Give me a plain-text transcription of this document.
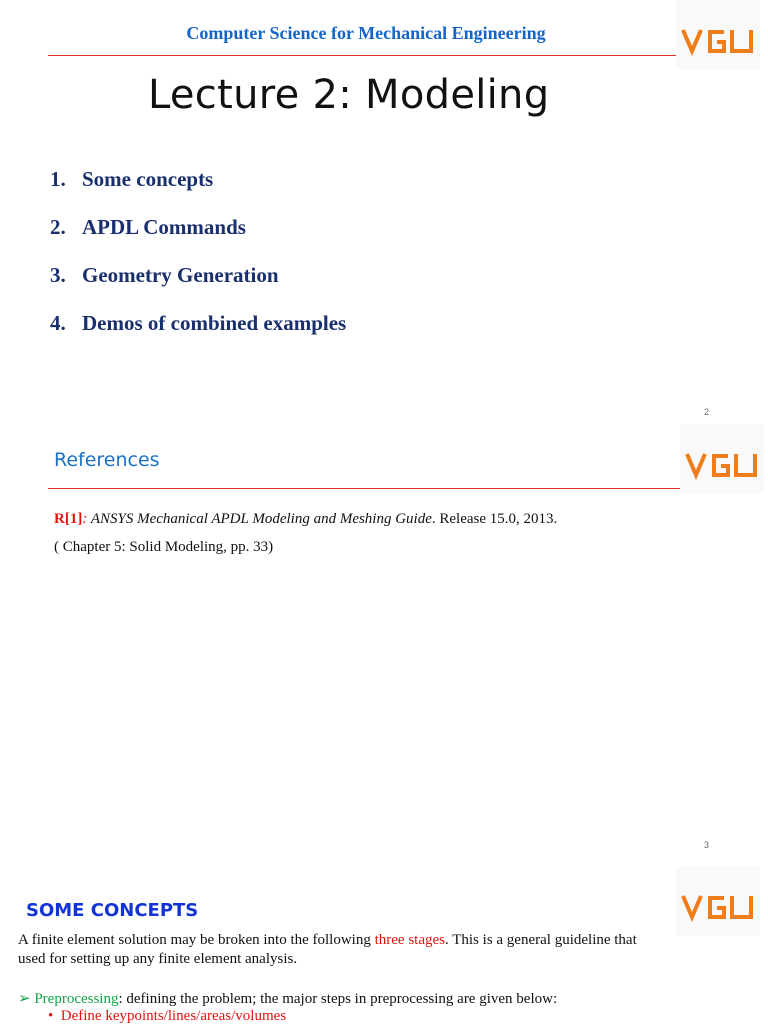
Computer Science for Mechanical Engineering
Lecture 2: Modeling
1. Some concepts
2. APDL Commands
3. Geometry Generation
4. Demos of combined examples
2
References
R[1]: ANSYS Mechanical APDL Modeling and Meshing Guide. Release 15.0, 2013.
( Chapter 5: Solid Modeling, pp. 33)
3
SOME CONCEPTS
A finite element solution may be broken into the following three stages. This is a general guideline that
used for setting up any finite element analysis.
➢ Preprocessing: defining the problem; the major steps in preprocessing are given below:
• Define keypoints/lines/areas/volumes
